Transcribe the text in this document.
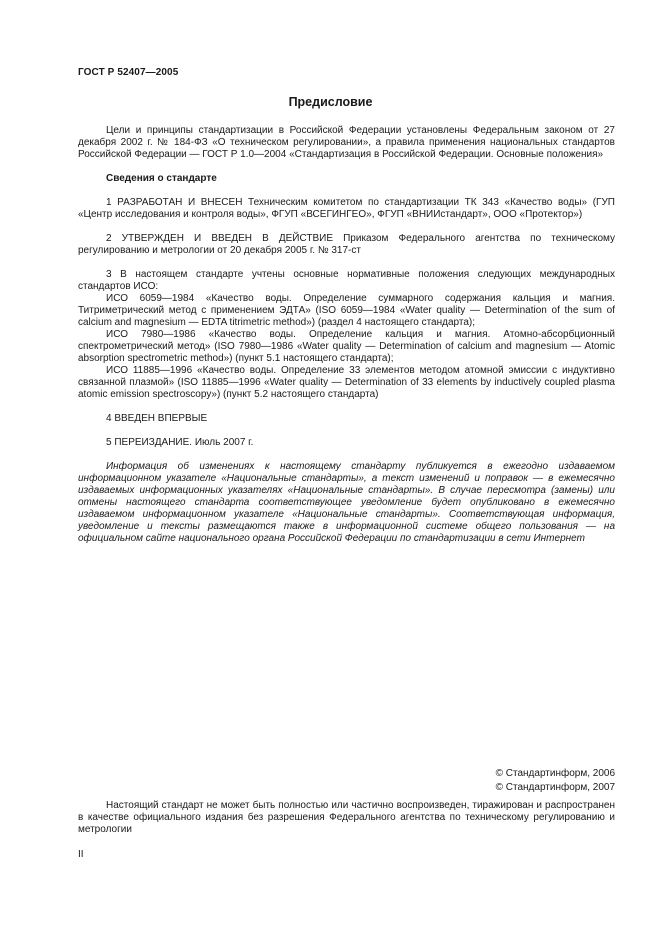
ГОСТ Р 52407—2005
Предисловие

Цели и принципы стандартизации в Российской Федерации установлены Федеральным законом от 27 декабря 2002 г. № 184-ФЗ «О техническом регулировании», а правила применения национальных стандартов Российской Федерации — ГОСТ Р 1.0—2004 «Стандартизация в Российской Федерации. Основные положения»

Сведения о стандарте

1 РАЗРАБОТАН И ВНЕСЕН Техническим комитетом по стандартизации ТК 343 «Качество воды» (ГУП «Центр исследования и контроля воды», ФГУП «ВСЕГИНГЕО», ФГУП «ВНИИстандарт», ООО «Протектор»)

2 УТВЕРЖДЕН И ВВЕДЕН В ДЕЙСТВИЕ Приказом Федерального агентства по техническому регулированию и метрологии от 20 декабря 2005 г. № 317-ст

3 В настоящем стандарте учтены основные нормативные положения следующих международных стандартов ИСО:

ИСО 6059—1984 «Качество воды. Определение суммарного содержания кальция и магния. Титриметрический метод с применением ЭДТА» (ISO 6059—1984 «Water quality — Determination of the sum of calcium and magnesium — EDTA titrimetric method») (раздел 4 настоящего стандарта);

ИСО 7980—1986 «Качество воды. Определение кальция и магния. Атомно-абсорбционный спектрометрический метод» (ISO 7980—1986 «Water quality — Determination of calcium and magnesium — Atomic absorption spectrometric method») (пункт 5.1 настоящего стандарта);

ИСО 11885—1996 «Качество воды. Определение 33 элементов методом атомной эмиссии с индуктивно связанной плазмой» (ISO 11885—1996 «Water quality — Determination of 33 elements by inductively coupled plasma atomic emission spectroscopy») (пункт 5.2 настоящего стандарта)

4 ВВЕДЕН ВПЕРВЫЕ

5 ПЕРЕИЗДАНИЕ. Июль 2007 г.

Информация об изменениях к настоящему стандарту публикуется в ежегодно издаваемом информационном указателе «Национальные стандарты», а текст изменений и поправок — в ежемесячно издаваемых информационных указателях «Национальные стандарты». В случае пересмотра (замены) или отмены настоящего стандарта соответствующее уведомление будет опубликовано в ежемесячно издаваемом информационном указателе «Национальные стандарты». Соответствующая информация, уведомление и тексты размещаются также в информационной системе общего пользования — на официальном сайте национального органа Российской Федерации по стандартизации в сети Интернет

© Стандартинформ, 2006
© Стандартинформ, 2007

Настоящий стандарт не может быть полностью или частично воспроизведен, тиражирован и распространен в качестве официального издания без разрешения Федерального агентства по техническому регулированию и метрологии

II
